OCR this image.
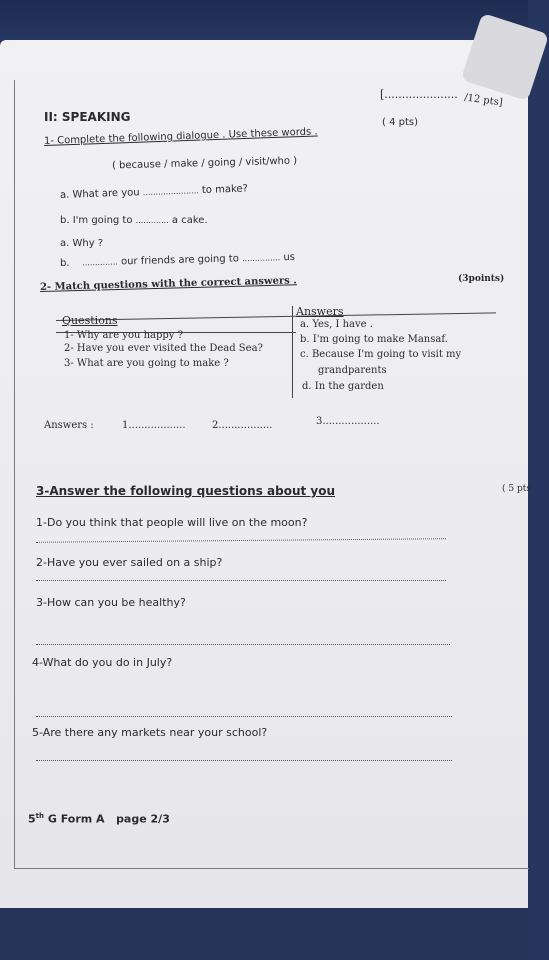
[..................... /12 pts]
II: SPEAKING
1- Complete the following dialogue . Use these words .
( 4 pts)
( because / make / going / visit/who )
a. What are you ...................... to make?
b. I'm going to ............. a cake.
a. Why ?
b. .............. our friends are going to ............... us
2- Match questions with the correct answers .	(3points)
Questions
Answers
1- Why are you happy ?
2- Have you ever visited the Dead Sea?
3- What are you going to make ?
a. Yes, I have .
b. I'm going to make Mansaf.
c. Because I'm going to visit my
grandparents
d. In the garden
Answers :	1..................	2.................	3..................
3-Answer the following questions about you	( 5 pts
1-Do you think that people will live on the moon?
2-Have you ever sailed on a ship?
3-How can you be healthy?
4-What do you do in July?
5-Are there any markets near your school?
5th G Form A page 2/3
